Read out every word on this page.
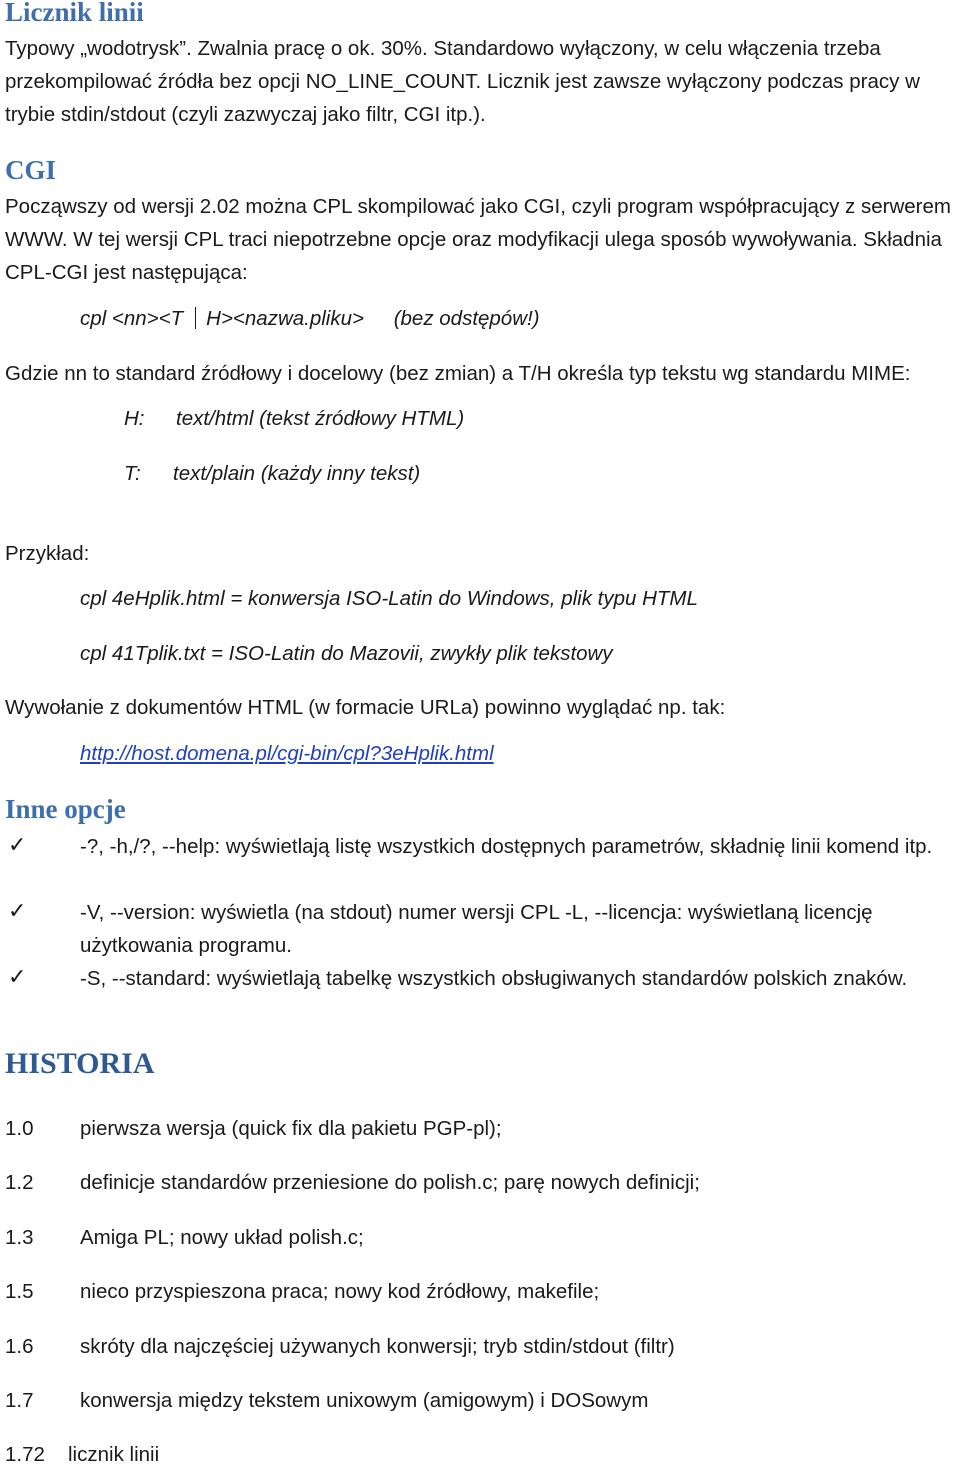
Licznik linii

Typowy „wodotrysk”. Zwalnia pracę o ok. 30%. Standardowo wyłączony, w celu włączenia trzeba przekompilować źródła bez opcji NO_LINE_COUNT. Licznik jest zawsze wyłączony podczas pracy w trybie stdin/stdout (czyli zazwyczaj jako filtr, CGI itp.).

CGI

Począwszy od wersji 2.02 można CPL skompilować jako CGI, czyli program współpracujący z serwerem WWW. W tej wersji CPL traci niepotrzebne opcje oraz modyfikacji ulega sposób wywoływania. Składnia CPL-CGI jest następująca:

cpl <nn><T H><nazwa.pliku> (bez odstępów!)

Gdzie nn to standard źródłowy i docelowy (bez zmian) a T/H określa typ tekstu wg standardu MIME:

H: text/html (tekst źródłowy HTML)
T: text/plain (każdy inny tekst)

Przykład:

cpl 4eHplik.html = konwersja ISO-Latin do Windows, plik typu HTML
cpl 41Tplik.txt = ISO-Latin do Mazovii, zwykły plik tekstowy

Wywołanie z dokumentów HTML (w formacie URLa) powinno wyglądać np. tak:

http://host.domena.pl/cgi-bin/cpl?3eHplik.html
Inne opcje
✓	-?, -h,/?, --help: wyświetlają listę wszystkich dostępnych parametrów, składnię linii komend itp.

✓	-V, --version: wyświetla (na stdout) numer wersji CPL -L, --licencja: wyświetlaną licencję użytkowania programu.

✓	-S, --standard: wyświetlają tabelkę wszystkich obsługiwanych standardów polskich znaków.

HISTORIA
1.0 pierwsza wersja (quick fix dla pakietu PGP-pl);
1.2 definicje standardów przeniesione do polish.c; parę nowych definicji;
1.3 Amiga PL; nowy układ polish.c;
1.5 nieco przyspieszona praca; nowy kod źródłowy, makefile;
1.6 skróty dla najczęściej używanych konwersji; tryb stdin/stdout (filtr)
1.7 konwersja między tekstem unixowym (amigowym) i DOSowym
1.72 licznik linii
